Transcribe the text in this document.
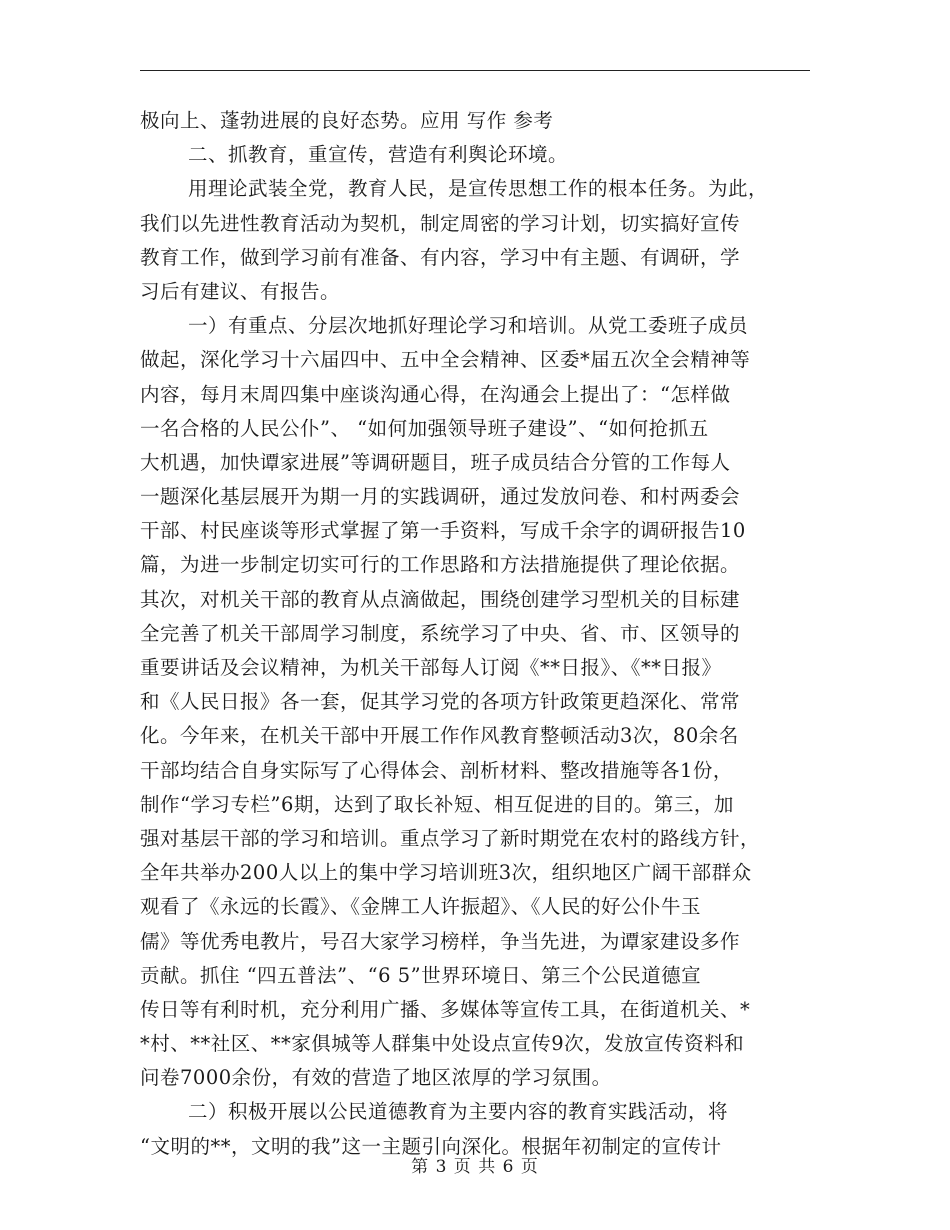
极向上、蓬勃进展的良好态势。应用 写作 参考
二、抓教育，重宣传，营造有利舆论环境。
用理论武装全党，教育人民，是宣传思想工作的根本任务。为此，
我们以先进性教育活动为契机，制定周密的学习计划，切实搞好宣传
教育工作，做到学习前有准备、有内容，学习中有主题、有调研，学
习后有建议、有报告。
一）有重点、分层次地抓好理论学习和培训。从党工委班子成员
做起，深化学习十六届四中、五中全会精神、区委*届五次全会精神等
内容，每月末周四集中座谈沟通心得，在沟通会上提出了：“怎样做
一名合格的人民公仆”、 “如何加强领导班子建设”、“如何抢抓五
大机遇，加快谭家进展”等调研题目，班子成员结合分管的工作每人
一题深化基层展开为期一月的实践调研，通过发放问卷、和村两委会
干部、村民座谈等形式掌握了第一手资料，写成千余字的调研报告10
篇，为进一步制定切实可行的工作思路和方法措施提供了理论依据。
其次，对机关干部的教育从点滴做起，围绕创建学习型机关的目标建
全完善了机关干部周学习制度，系统学习了中央、省、市、区领导的
重要讲话及会议精神，为机关干部每人订阅《**日报》、《**日报》
和《人民日报》各一套，促其学习党的各项方针政策更趋深化、常常
化。今年来，在机关干部中开展工作作风教育整顿活动3次，80余名
干部均结合自身实际写了心得体会、剖析材料、整改措施等各1份，
制作“学习专栏”6期，达到了取长补短、相互促进的目的。第三，加
强对基层干部的学习和培训。重点学习了新时期党在农村的路线方针，
全年共举办200人以上的集中学习培训班3次，组织地区广阔干部群众
观看了《永远的长霞》、《金牌工人许振超》、《人民的好公仆牛玉
儒》等优秀电教片，号召大家学习榜样，争当先进，为谭家建设多作
贡献。抓住 “四五普法”、“6 5”世界环境日、第三个公民道德宣
传日等有利时机，充分利用广播、多媒体等宣传工具，在街道机关、*
*村、**社区、**家俱城等人群集中处设点宣传9次，发放宣传资料和
问卷7000余份，有效的营造了地区浓厚的学习氛围。
二）积极开展以公民道德教育为主要内容的教育实践活动，将
“文明的**，文明的我”这一主题引向深化。根据年初制定的宣传计
第 3 页 共 6 页
